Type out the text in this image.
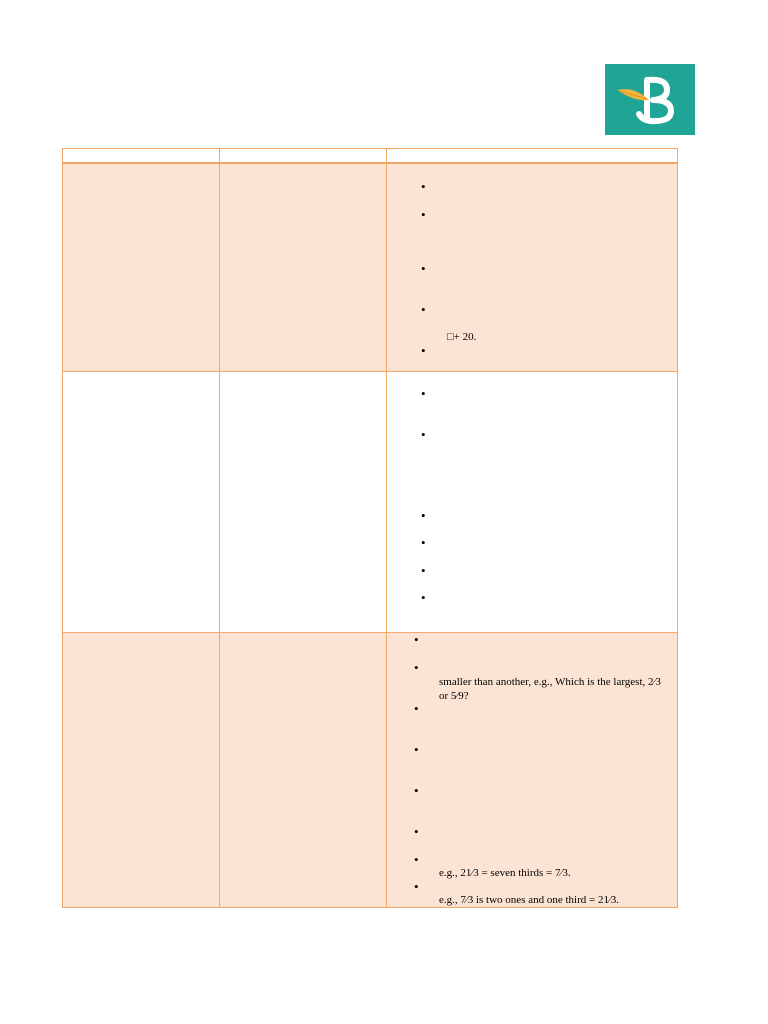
•
•
•
•
□+ 20.
•
•
•
•
•
•
•
•
•
smaller than another, e.g., Which is the largest, 2⁄3 or 5⁄9?
•
•
•
•
•
e.g., 21⁄3 = seven thirds = 7⁄3.
•
e.g., 7⁄3 is two ones and one third = 21⁄3.
